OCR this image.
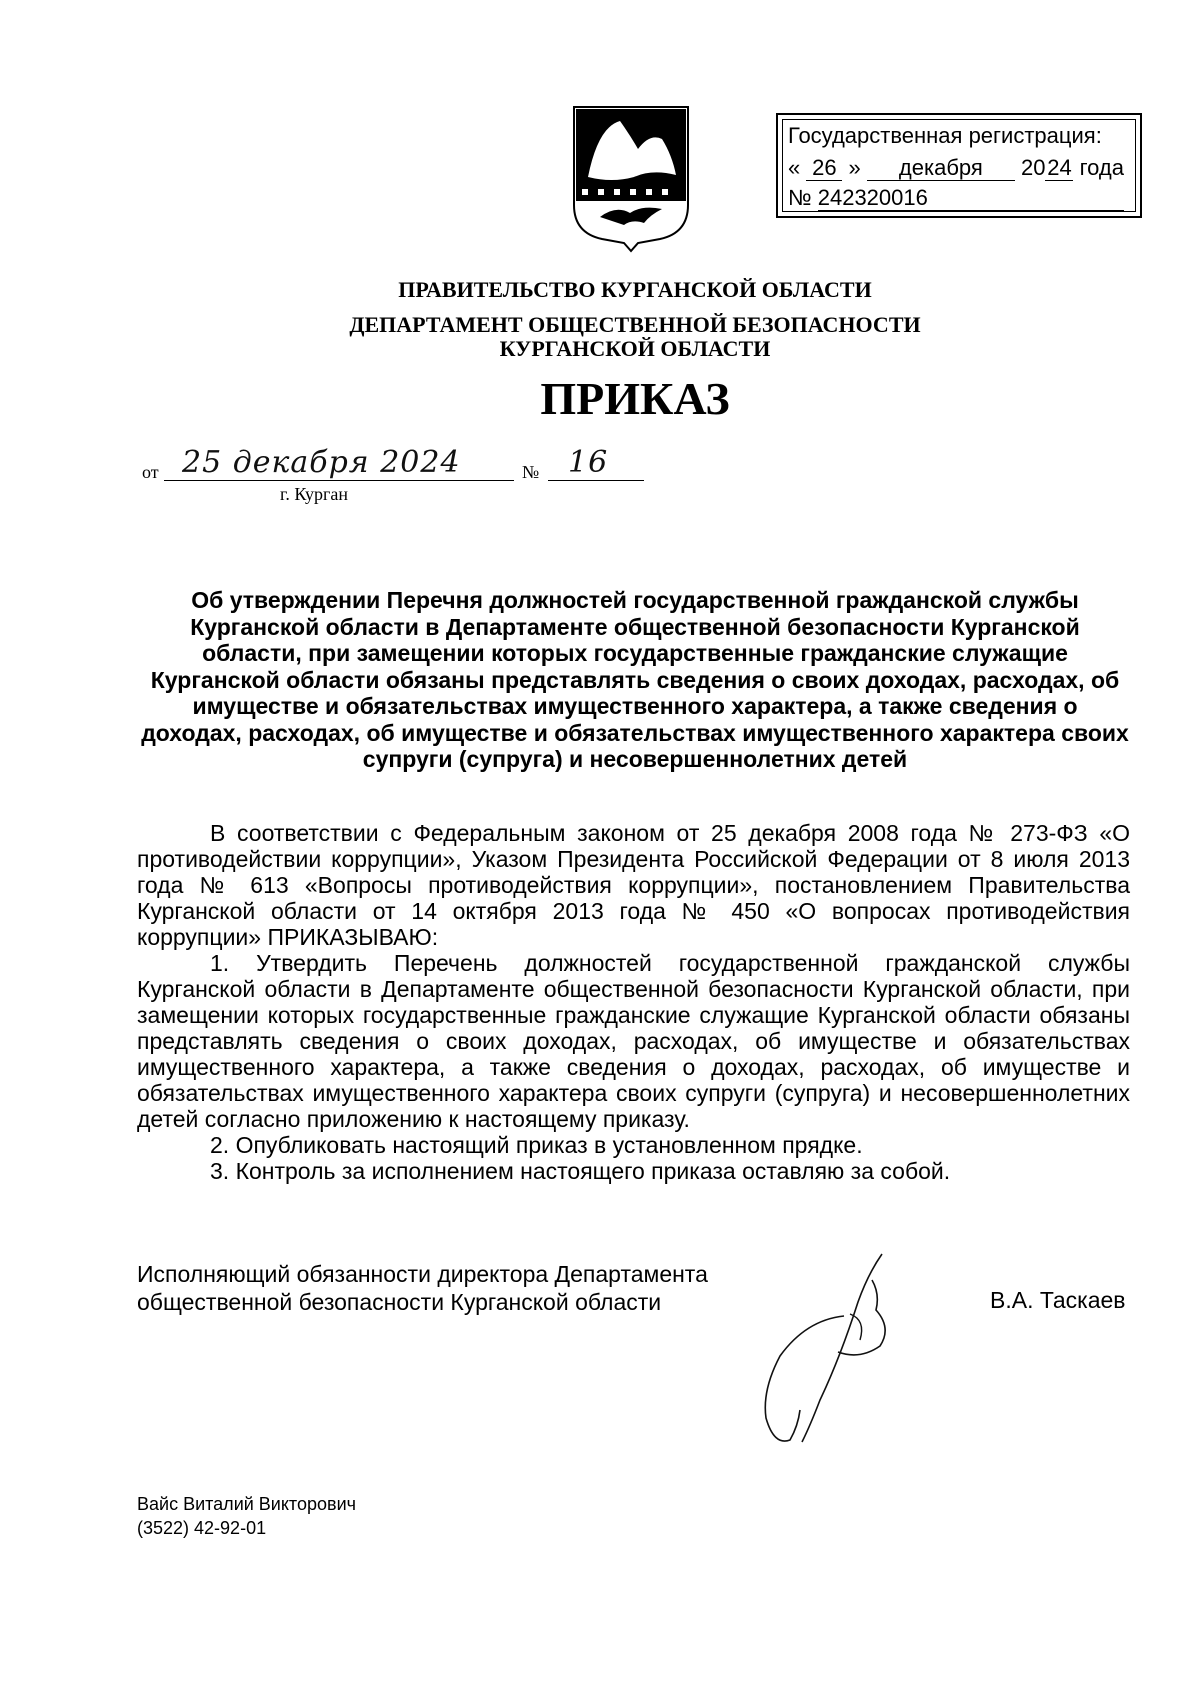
Государственная регистрация:
« 26 » декабря 2024 года
№ 242320016
ПРАВИТЕЛЬСТВО КУРГАНСКОЙ ОБЛАСТИ
ДЕПАРТАМЕНТ ОБЩЕСТВЕННОЙ БЕЗОПАСНОСТИ
КУРГАНСКОЙ ОБЛАСТИ
ПРИКАЗ
от 25 декабря 2024	№ 16
г. Курган
Об утверждении Перечня должностей государственной гражданской службы Курганской области в Департаменте общественной безопасности Курганской области, при замещении которых государственные гражданские служащие Курганской области обязаны представлять сведения о своих доходах, расходах, об имуществе и обязательствах имущественного характера, а также сведения о доходах, расходах, об имуществе и обязательствах имущественного характера своих супруги (супруга) и несовершеннолетних детей

В соответствии с Федеральным законом от 25 декабря 2008 года № 273-ФЗ «О противодействии коррупции», Указом Президента Российской Федерации от 8 июля 2013 года № 613 «Вопросы противодействия коррупции», постановлением Правительства Курганской области от 14 октября 2013 года № 450 «О вопросах противодействия коррупции» ПРИКАЗЫВАЮ:

1. Утвердить Перечень должностей государственной гражданской службы Курганской области в Департаменте общественной безопасности Курганской области, при замещении которых государственные гражданские служащие Курганской области обязаны представлять сведения о своих доходах, расходах, об имуществе и обязательствах имущественного характера, а также сведения о доходах, расходах, об имуществе и обязательствах имущественного характера своих супруги (супруга) и несовершеннолетних детей согласно приложению к настоящему приказу.

2. Опубликовать настоящий приказ в установленном прядке.

3. Контроль за исполнением настоящего приказа оставляю за собой.

Исполняющий обязанности директора Департамента
общественной безопасности Курганской области	В.А. Таскаев
Вайс Виталий Викторович
(3522) 42-92-01
